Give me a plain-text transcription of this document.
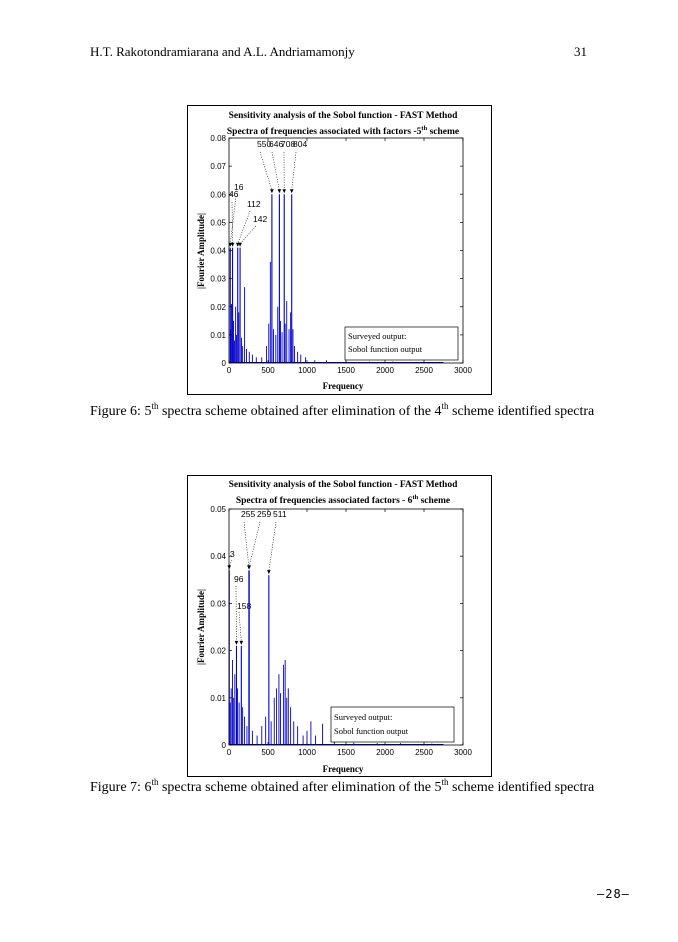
H.T. Rakotondramiarana and A.L. Andriamamonjy	31
Sensitivity analysis of the Sobol function - FAST Method
Spectra of frequencies associated with factors -5th scheme
16
46
112
142
550
646
708
804
0	500	1000	1500	2000	2500	3000
0
0.01
0.02
0.03
0.04
0.05
0.06
0.07
0.08
Frequency
|Fourier Amplitude|
Surveyed output:
Sobol function output
Figure 6: 5th spectra scheme obtained after elimination of the 4th scheme identified spectra
Sensitivity analysis of the Sobol function - FAST Method
Spectra of frequencies associated factors - 6th scheme
3
96
158
255 259 511
0	500	1000	1500	2000	2500	3000
0
0.01
0.02
0.03
0.04
0.05
Frequency
|Fourier Amplitude|
Surveyed output:
Sobol function output
Figure 7: 6th spectra scheme obtained after elimination of the 5th scheme identified spectra
–28–
